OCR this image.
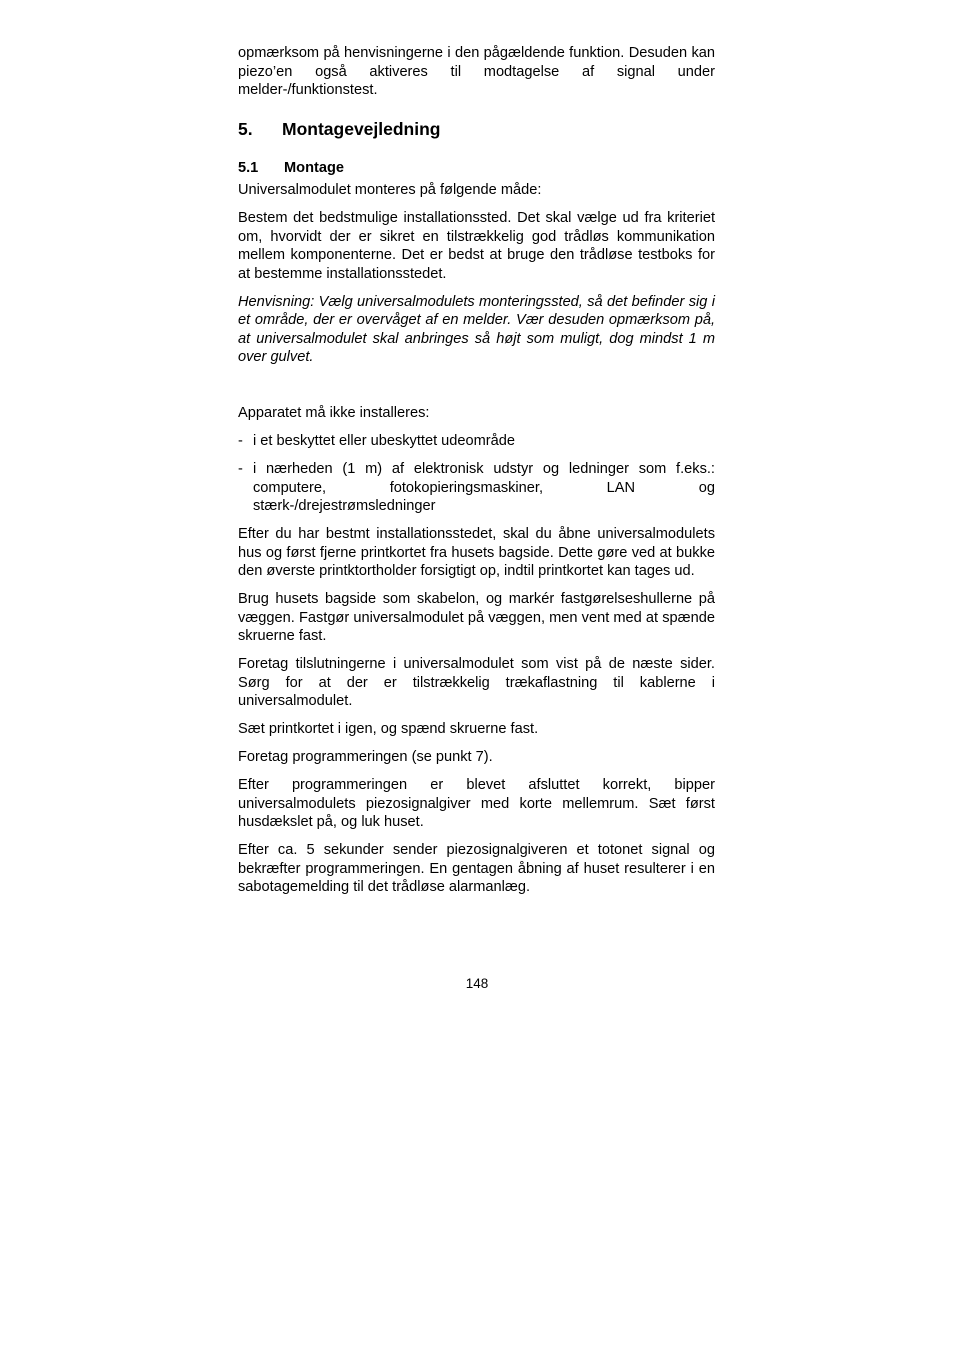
opmærksom på henvisningerne i den pågældende funktion. Desuden kan piezo’en også aktiveres til modtagelse af signal under melder-/funktionstest.

5.	Montagevejledning
5.1	Montage

Universalmodulet monteres på følgende måde:

Bestem det bedstmulige installationssted. Det skal vælge ud fra kriteriet om, hvorvidt der er sikret en tilstrækkelig god trådløs kommunikation mellem komponenterne. Det er bedst at bruge den trådløse testboks for at bestemme installationsstedet.

Henvisning: Vælg universalmodulets monteringssted, så det befinder sig i et område, der er overvåget af en melder. Vær desuden opmærksom på, at universalmodulet skal anbringes så højt som muligt, dog mindst 1 m over gulvet.

Apparatet må ikke installeres:

- i et beskyttet eller ubeskyttet udeområde
- i nærheden (1 m) af elektronisk udstyr og ledninger som f.eks.: computere, fotokopieringsmaskiner, LAN og stærk-/drejestrømsledninger

Efter du har bestmt installationsstedet, skal du åbne universalmodulets hus og først fjerne printkortet fra husets bagside. Dette gøre ved at bukke den øverste printktortholder forsigtigt op, indtil printkortet kan tages ud.

Brug husets bagside som skabelon, og markér fastgørelseshullerne på væggen. Fastgør universalmodulet på væggen, men vent med at spænde skruerne fast.

Foretag tilslutningerne i universalmodulet som vist på de næste sider. Sørg for at der er tilstrækkelig trækaflastning til kablerne i universalmodulet.

Sæt printkortet i igen, og spænd skruerne fast.

Foretag programmeringen (se punkt 7).

Efter programmeringen er blevet afsluttet korrekt, bipper universalmodulets piezosignalgiver med korte mellemrum. Sæt først husdækslet på, og luk huset.

Efter ca. 5 sekunder sender piezosignalgiveren et totonet signal og bekræfter programmeringen. En gentagen åbning af huset resulterer i en sabotagemelding til det trådløse alarmanlæg.

148
